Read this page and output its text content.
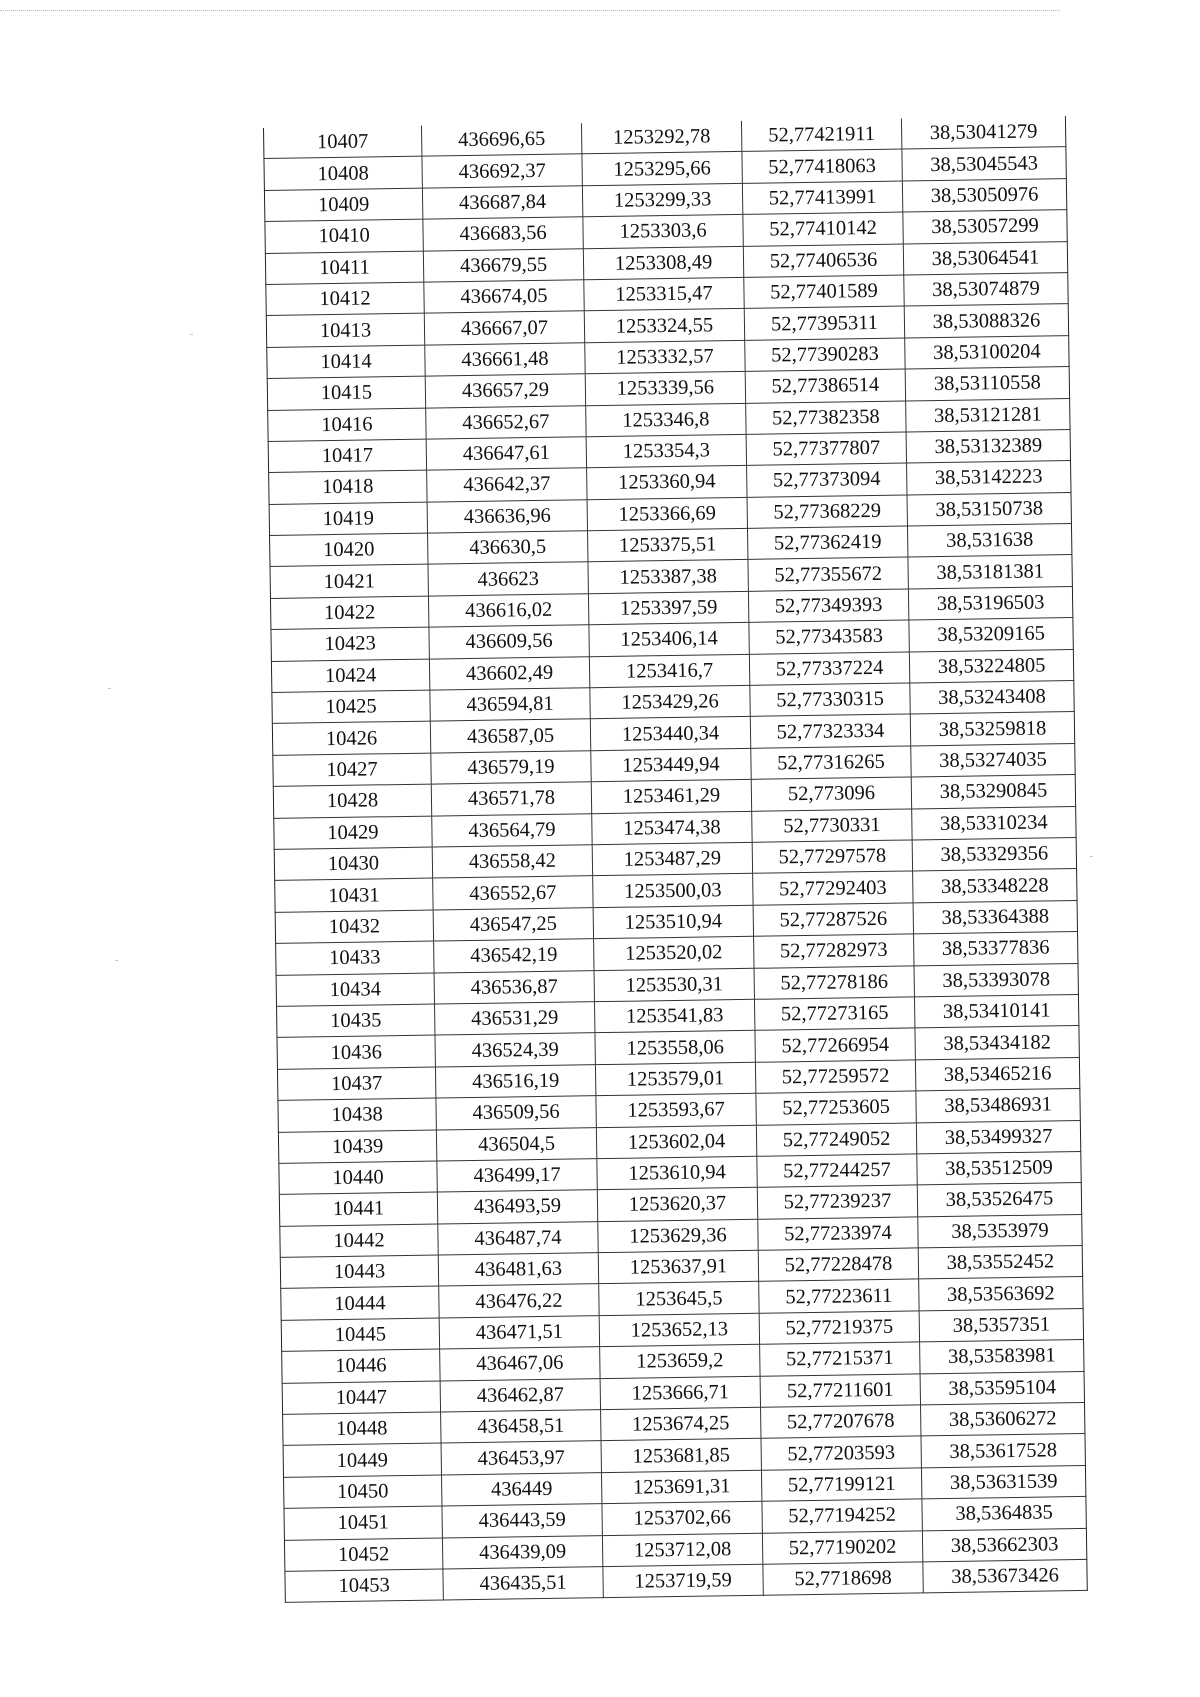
10407	436696,65	1253292,78	52,77421911	38,53041279
10408	436692,37	1253295,66	52,77418063	38,53045543
10409	436687,84	1253299,33	52,77413991	38,53050976
10410	436683,56	1253303,6	52,77410142	38,53057299
10411	436679,55	1253308,49	52,77406536	38,53064541
10412	436674,05	1253315,47	52,77401589	38,53074879
10413	436667,07	1253324,55	52,77395311	38,53088326
10414	436661,48	1253332,57	52,77390283	38,53100204
10415	436657,29	1253339,56	52,77386514	38,53110558
10416	436652,67	1253346,8	52,77382358	38,53121281
10417	436647,61	1253354,3	52,77377807	38,53132389
10418	436642,37	1253360,94	52,77373094	38,53142223
10419	436636,96	1253366,69	52,77368229	38,53150738
10420	436630,5	1253375,51	52,77362419	38,531638
10421	436623	1253387,38	52,77355672	38,53181381
10422	436616,02	1253397,59	52,77349393	38,53196503
10423	436609,56	1253406,14	52,77343583	38,53209165
10424	436602,49	1253416,7	52,77337224	38,53224805
10425	436594,81	1253429,26	52,77330315	38,53243408
10426	436587,05	1253440,34	52,77323334	38,53259818
10427	436579,19	1253449,94	52,77316265	38,53274035
10428	436571,78	1253461,29	52,773096	38,53290845
10429	436564,79	1253474,38	52,7730331	38,53310234
10430	436558,42	1253487,29	52,77297578	38,53329356
10431	436552,67	1253500,03	52,77292403	38,53348228
10432	436547,25	1253510,94	52,77287526	38,53364388
10433	436542,19	1253520,02	52,77282973	38,53377836
10434	436536,87	1253530,31	52,77278186	38,53393078
10435	436531,29	1253541,83	52,77273165	38,53410141
10436	436524,39	1253558,06	52,77266954	38,53434182
10437	436516,19	1253579,01	52,77259572	38,53465216
10438	436509,56	1253593,67	52,77253605	38,53486931
10439	436504,5	1253602,04	52,77249052	38,53499327
10440	436499,17	1253610,94	52,77244257	38,53512509
10441	436493,59	1253620,37	52,77239237	38,53526475
10442	436487,74	1253629,36	52,77233974	38,5353979
10443	436481,63	1253637,91	52,77228478	38,53552452
10444	436476,22	1253645,5	52,77223611	38,53563692
10445	436471,51	1253652,13	52,77219375	38,5357351
10446	436467,06	1253659,2	52,77215371	38,53583981
10447	436462,87	1253666,71	52,77211601	38,53595104
10448	436458,51	1253674,25	52,77207678	38,53606272
10449	436453,97	1253681,85	52,77203593	38,53617528
10450	436449	1253691,31	52,77199121	38,53631539
10451	436443,59	1253702,66	52,77194252	38,5364835
10452	436439,09	1253712,08	52,77190202	38,53662303
10453	436435,51	1253719,59	52,7718698	38,53673426
